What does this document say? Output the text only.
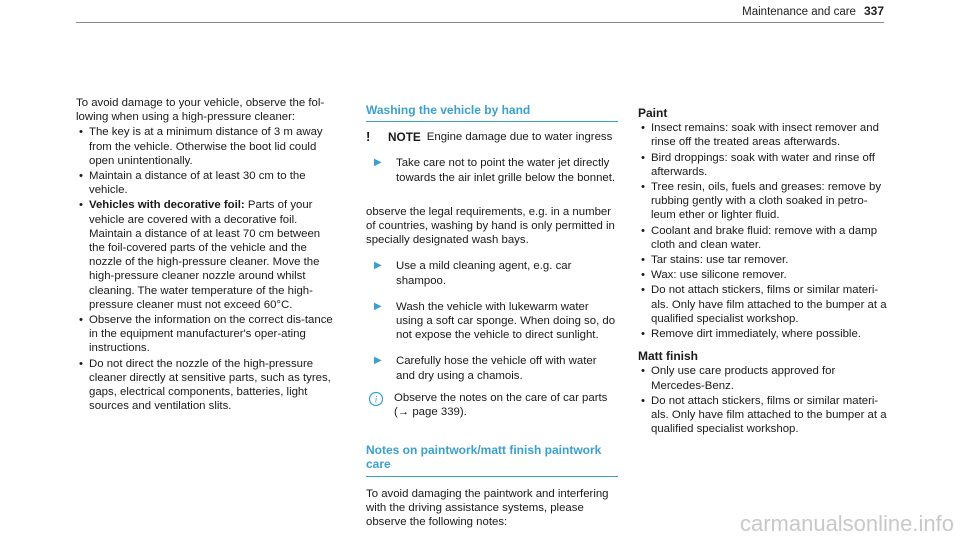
Maintenance and care 337

To avoid damage to your vehicle, observe the fol-lowing when using a high-pressure cleaner:

• The key is at a minimum distance of 3 m away from the vehicle. Otherwise the boot lid could open unintentionally.
• Maintain a distance of at least 30 cm to the vehicle.
• Vehicles with decorative foil: Parts of your vehicle are covered with a decorative foil. Maintain a distance of at least 70 cm between the foil-covered parts of the vehicle and the nozzle of the high-pressure cleaner. Move the high-pressure cleaner nozzle around whilst cleaning. The water temperature of the high-pressure cleaner must not exceed 60°C.
• Observe the information on the correct dis-tance in the equipment manufacturer's oper-ating instructions.
• Do not direct the nozzle of the high-pressure cleaner directly at sensitive parts, such as tyres, gaps, electrical components, batteries, light sources and ventilation slits.
Washing the vehicle by hand
!	NOTE Engine damage due to water ingress
▶	Take care not to point the water jet directly towards the air inlet grille below the bonnet.

observe the legal requirements, e.g. in a number of countries, washing by hand is only permitted in specially designated wash bays.

▶	Use a mild cleaning agent, e.g. car shampoo.
▶	Wash the vehicle with lukewarm water using a soft car sponge. When doing so, do not expose the vehicle to direct sunlight.
▶	Carefully hose the vehicle off with water and dry using a chamois.
i Observe the notes on the care of car parts (→ page 339).
Notes on paintwork/matt finish paintwork care

To avoid damaging the paintwork and interfering with the driving assistance systems, please observe the following notes:

Paint
• Insect remains: soak with insect remover and rinse off the treated areas afterwards.
• Bird droppings: soak with water and rinse off afterwards.
• Tree resin, oils, fuels and greases: remove by rubbing gently with a cloth soaked in petro-leum ether or lighter fluid.
• Coolant and brake fluid: remove with a damp cloth and clean water.
• Tar stains: use tar remover.
• Wax: use silicone remover.
• Do not attach stickers, films or similar materi-als. Only have film attached to the bumper at a qualified specialist workshop.
• Remove dirt immediately, where possible.
Matt finish
• Only use care products approved for Mercedes-Benz.
• Do not attach stickers, films or similar materi-als. Only have film attached to the bumper at a qualified specialist workshop.
carmanualsonline.info
